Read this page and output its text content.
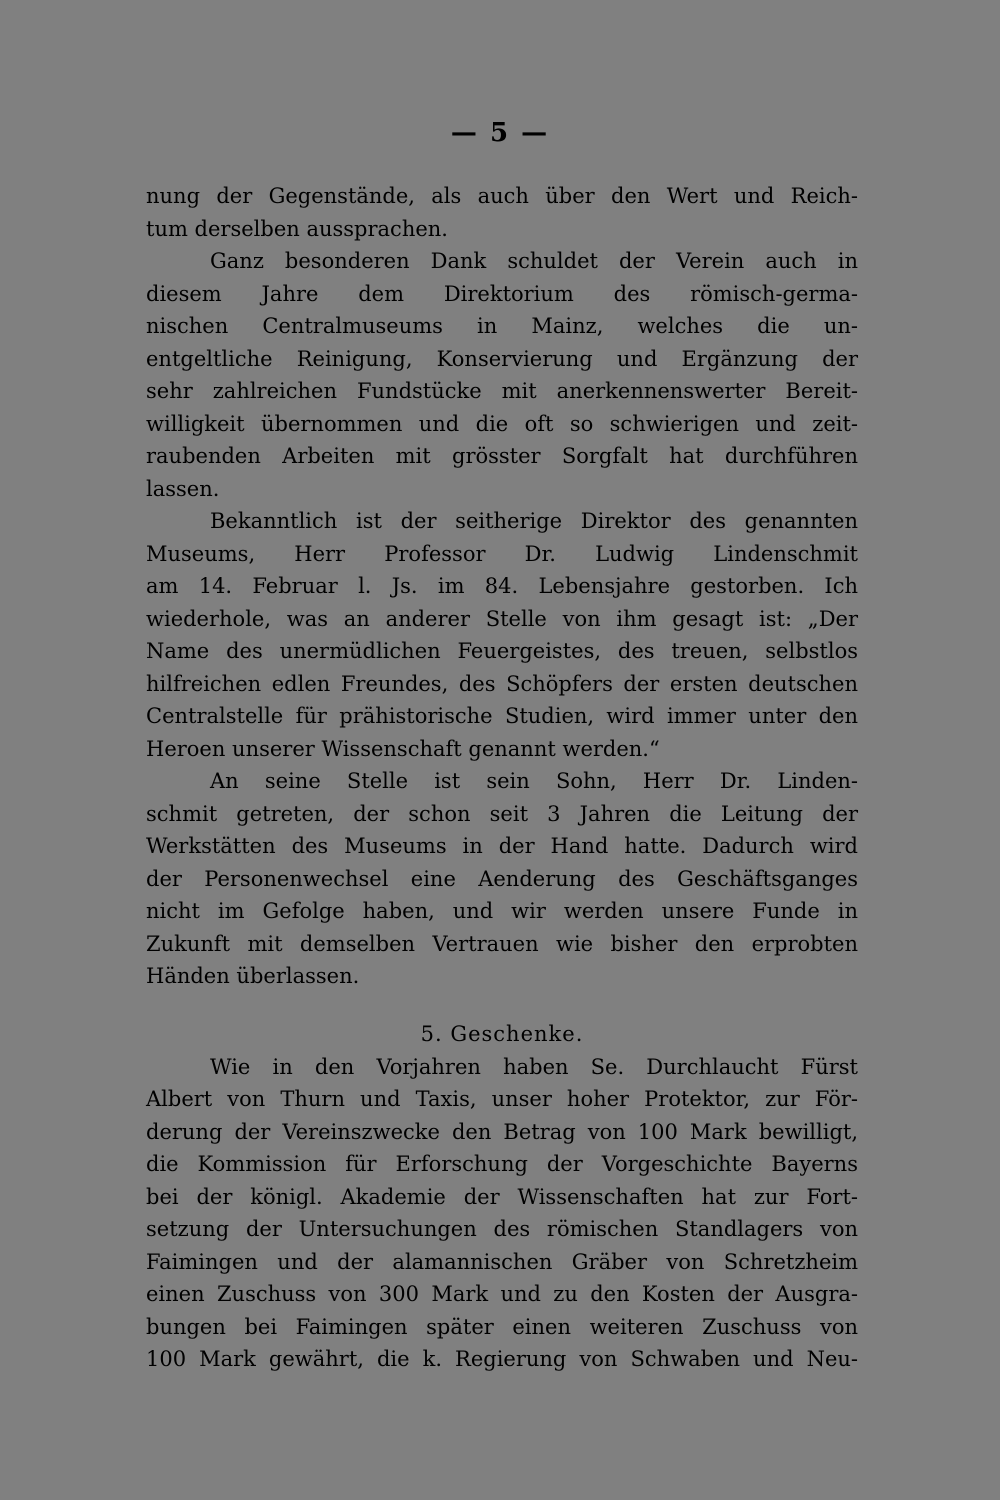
— 5 —
nung der Gegenstände, als auch über den Wert und Reich-
tum derselben aussprachen.
Ganz besonderen Dank schuldet der Verein auch in
diesem Jahre dem Direktorium des römisch-germa-
nischen Centralmuseums in Mainz, welches die un-
entgeltliche Reinigung, Konservierung und Ergänzung der
sehr zahlreichen Fundstücke mit anerkennenswerter Bereit-
willigkeit übernommen und die oft so schwierigen und zeit-
raubenden Arbeiten mit grösster Sorgfalt hat durchführen
lassen.
Bekanntlich ist der seitherige Direktor des genannten
Museums, Herr Professor Dr. Ludwig Lindenschmit
am 14. Februar l. Js. im 84. Lebensjahre gestorben. Ich
wiederhole, was an anderer Stelle von ihm gesagt ist: „Der
Name des unermüdlichen Feuergeistes, des treuen, selbstlos
hilfreichen edlen Freundes, des Schöpfers der ersten deutschen
Centralstelle für prähistorische Studien, wird immer unter den
Heroen unserer Wissenschaft genannt werden.“
An seine Stelle ist sein Sohn, Herr Dr. Linden-
schmit getreten, der schon seit 3 Jahren die Leitung der
Werkstätten des Museums in der Hand hatte. Dadurch wird
der Personenwechsel eine Aenderung des Geschäftsganges
nicht im Gefolge haben, und wir werden unsere Funde in
Zukunft mit demselben Vertrauen wie bisher den erprobten
Händen überlassen.
5. Geschenke.
Wie in den Vorjahren haben Se. Durchlaucht Fürst
Albert von Thurn und Taxis, unser hoher Protektor, zur För-
derung der Vereinszwecke den Betrag von 100 Mark bewilligt,
die Kommission für Erforschung der Vorgeschichte Bayerns
bei der königl. Akademie der Wissenschaften hat zur Fort-
setzung der Untersuchungen des römischen Standlagers von
Faimingen und der alamannischen Gräber von Schretzheim
einen Zuschuss von 300 Mark und zu den Kosten der Ausgra-
bungen bei Faimingen später einen weiteren Zuschuss von
100 Mark gewährt, die k. Regierung von Schwaben und Neu-
